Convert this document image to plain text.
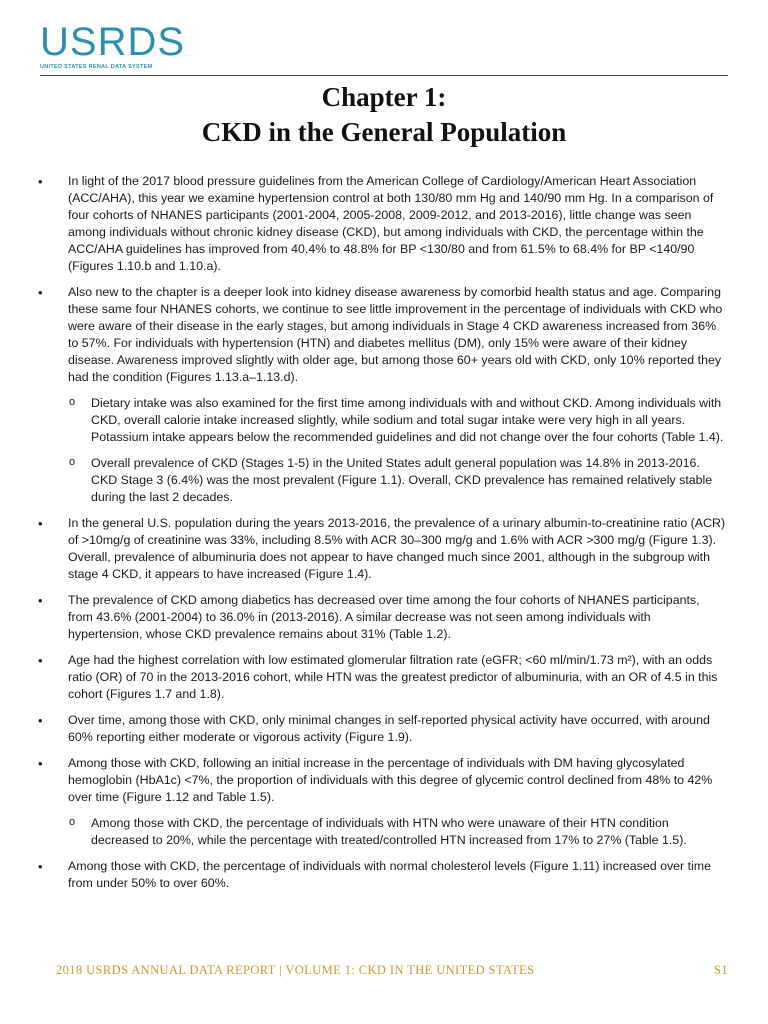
USRDS
UNITED STATES RENAL DATA SYSTEM
Chapter 1:
CKD in the General Population
• In light of the 2017 blood pressure guidelines from the American College of Cardiology/American Heart Association (ACC/AHA), this year we examine hypertension control at both 130/80 mm Hg and 140/90 mm Hg. In a comparison of four cohorts of NHANES participants (2001-2004, 2005-2008, 2009-2012, and 2013-2016), little change was seen among individuals without chronic kidney disease (CKD), but among individuals with CKD, the percentage within the ACC/AHA guidelines has improved from 40.4% to 48.8% for BP <130/80 and from 61.5% to 68.4% for BP <140/90 (Figures 1.10.b and 1.10.a).
• Also new to the chapter is a deeper look into kidney disease awareness by comorbid health status and age. Comparing these same four NHANES cohorts, we continue to see little improvement in the percentage of individuals with CKD who were aware of their disease in the early stages, but among individuals in Stage 4 CKD awareness increased from 36% to 57%. For individuals with hypertension (HTN) and diabetes mellitus (DM), only 15% were aware of their kidney disease. Awareness improved slightly with older age, but among those 60+ years old with CKD, only 10% reported they had the condition (Figures 1.13.a–1.13.d).
o Dietary intake was also examined for the first time among individuals with and without CKD. Among individuals with CKD, overall calorie intake increased slightly, while sodium and total sugar intake were very high in all years. Potassium intake appears below the recommended guidelines and did not change over the four cohorts (Table 1.4).
o Overall prevalence of CKD (Stages 1-5) in the United States adult general population was 14.8% in 2013-2016. CKD Stage 3 (6.4%) was the most prevalent (Figure 1.1). Overall, CKD prevalence has remained relatively stable during the last 2 decades.
• In the general U.S. population during the years 2013-2016, the prevalence of a urinary albumin-to-creatinine ratio (ACR) of >10mg/g of creatinine was 33%, including 8.5% with ACR 30–300 mg/g and 1.6% with ACR >300 mg/g (Figure 1.3). Overall, prevalence of albuminuria does not appear to have changed much since 2001, although in the subgroup with stage 4 CKD, it appears to have increased (Figure 1.4).
• The prevalence of CKD among diabetics has decreased over time among the four cohorts of NHANES participants, from 43.6% (2001-2004) to 36.0% in (2013-2016). A similar decrease was not seen among individuals with hypertension, whose CKD prevalence remains about 31% (Table 1.2).
• Age had the highest correlation with low estimated glomerular filtration rate (eGFR; <60 ml/min/1.73 m²), with an odds ratio (OR) of 70 in the 2013-2016 cohort, while HTN was the greatest predictor of albuminuria, with an OR of 4.5 in this cohort (Figures 1.7 and 1.8).
• Over time, among those with CKD, only minimal changes in self-reported physical activity have occurred, with around 60% reporting either moderate or vigorous activity (Figure 1.9).
• Among those with CKD, following an initial increase in the percentage of individuals with DM having glycosylated hemoglobin (HbA1c) <7%, the proportion of individuals with this degree of glycemic control declined from 48% to 42% over time (Figure 1.12 and Table 1.5).
o Among those with CKD, the percentage of individuals with HTN who were unaware of their HTN condition decreased to 20%, while the percentage with treated/controlled HTN increased from 17% to 27% (Table 1.5).
• Among those with CKD, the percentage of individuals with normal cholesterol levels (Figure 1.11) increased over time from under 50% to over 60%.
2018 USRDS ANNUAL DATA REPORT | VOLUME 1: CKD IN THE UNITED STATES	S1
